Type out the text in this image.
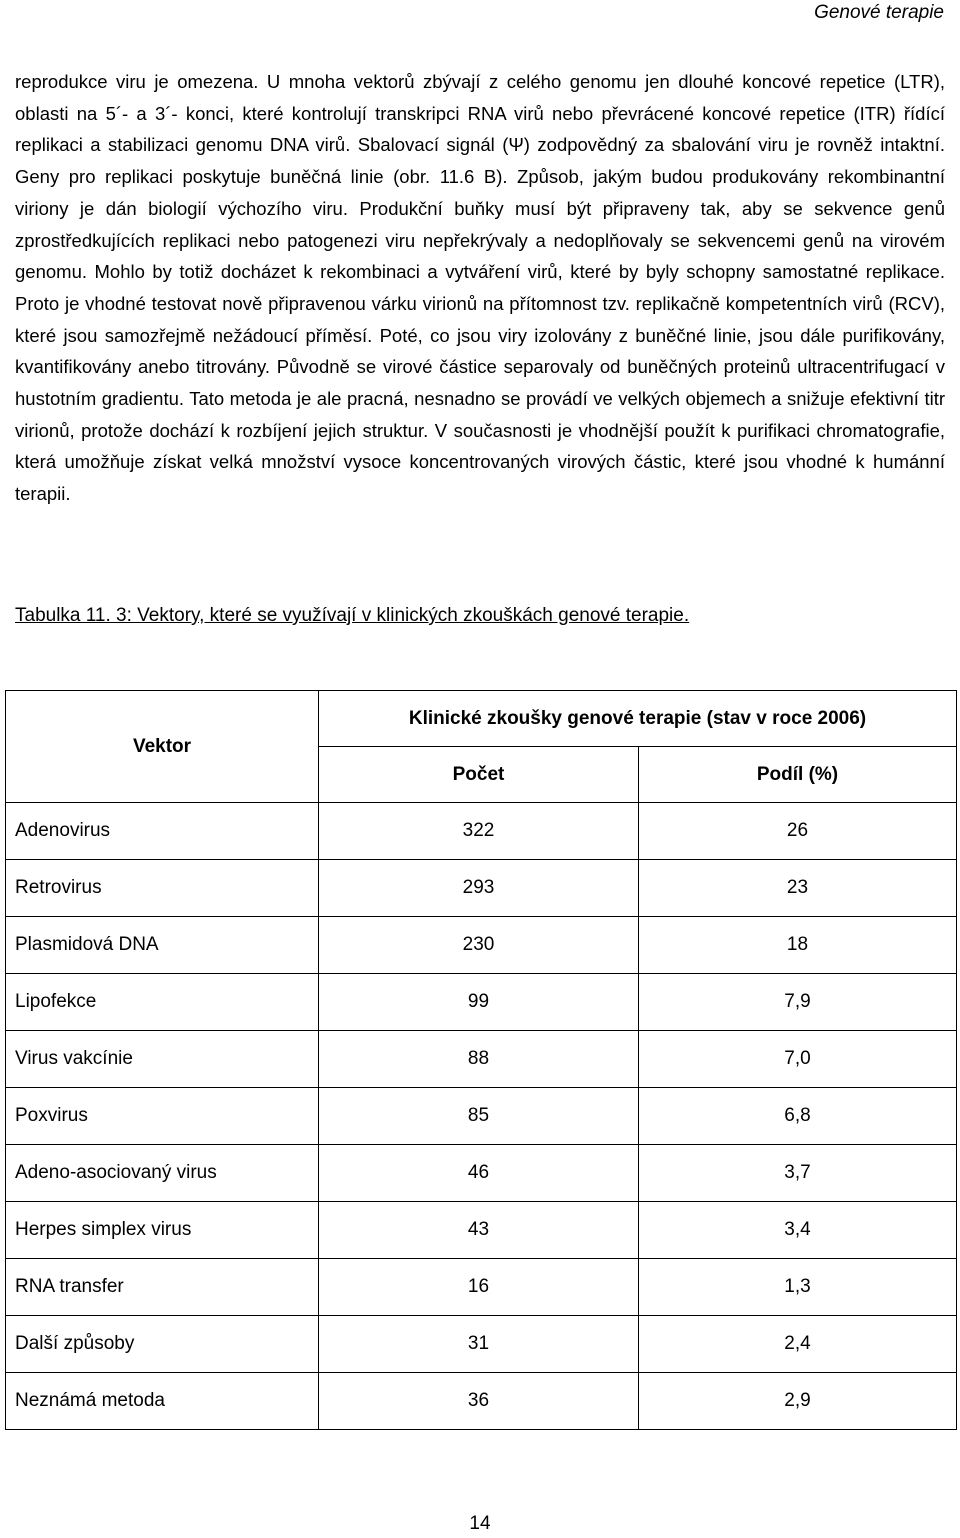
Genové terapie

reprodukce viru je omezena. U mnoha vektorů zbývají z celého genomu jen dlouhé koncové repetice (LTR), oblasti na 5´- a 3´- konci, které kontrolují transkripci RNA virů nebo převrácené koncové repetice (ITR) řídící replikaci a stabilizaci genomu DNA virů. Sbalovací signál (Ψ) zodpovědný za sbalování viru je rovněž intaktní. Geny pro replikaci poskytuje buněčná linie (obr. 11.6 B). Způsob, jakým budou produkovány rekombinantní viriony je dán biologií výchozího viru. Produkční buňky musí být připraveny tak, aby se sekvence genů zprostředkujících replikaci nebo patogenezi viru nepřekrývaly a nedoplňovaly se sekvencemi genů na virovém genomu. Mohlo by totiž docházet k rekombinaci a vytváření virů, které by byly schopny samostatné replikace. Proto je vhodné testovat nově připravenou várku virionů na přítomnost tzv. replikačně kompetentních virů (RCV), které jsou samozřejmě nežádoucí příměsí. Poté, co jsou viry izolovány z buněčné linie, jsou dále purifikovány, kvantifikovány anebo titrovány. Původně se virové částice separovaly od buněčných proteinů ultracentrifugací v hustotním gradientu. Tato metoda je ale pracná, nesnadno se provádí ve velkých objemech a snižuje efektivní titr virionů, protože dochází k rozbíjení jejich struktur. V současnosti je vhodnější použít k purifikaci chromatografie, která umožňuje získat velká množství vysoce koncentrovaných virových částic, které jsou vhodné k humánní terapii.

Tabulka 11. 3: Vektory, které se využívají v klinických zkouškách genové terapie.
Vektor	Klinické zkoušky genové terapie (stav v roce 2006)	
	Počet	Podíl (%)
Adenovirus	322	26
Retrovirus	293	23
Plasmidová DNA	230	18
Lipofekce	99	7,9
Virus vakcínie	88	7,0
Poxvirus	85	6,8
Adeno-asociovaný virus	46	3,7
Herpes simplex virus	43	3,4
RNA transfer	16	1,3
Další způsoby	31	2,4
Neznámá metoda	36	2,9
14
